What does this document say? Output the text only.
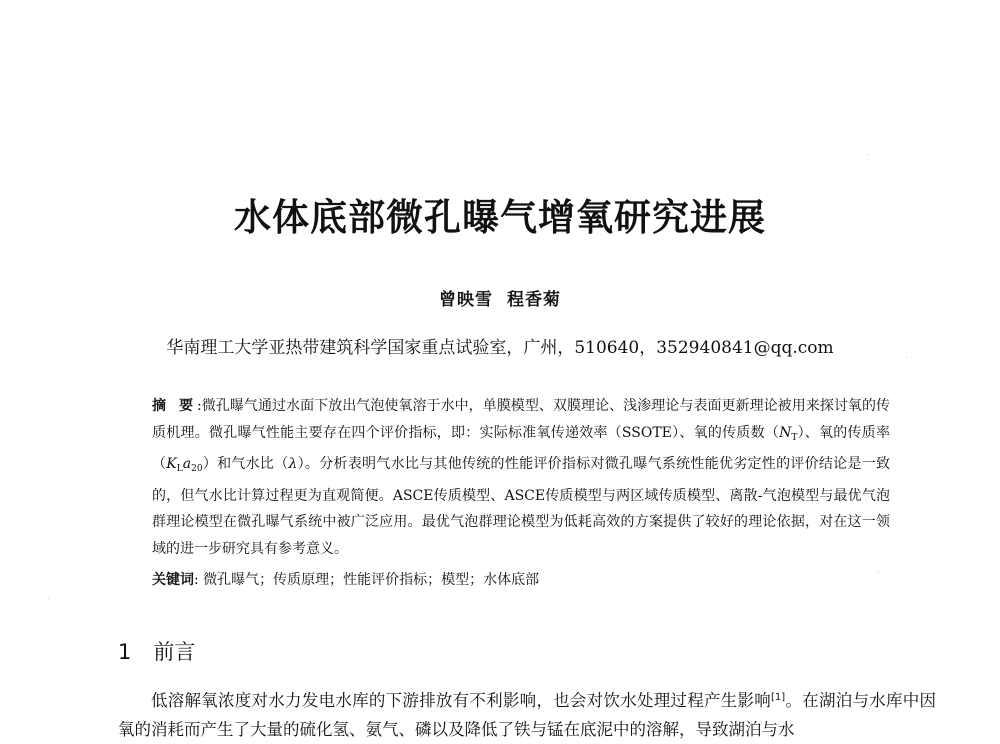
水体底部微孔曝气增氧研究进展
曾映雪 程香菊
华南理工大学亚热带建筑科学国家重点试验室，广州，510640，352940841@qq.com
摘 要:微孔曝气通过水面下放出气泡使氧溶于水中，单膜模型、双膜理论、浅渗理论与表面更新理论被用来探讨氧的传质机理。微孔曝气性能主要存在四个评价指标，即：实际标准氧传递效率（SSOTE）、氧的传质数$(N_T)$、氧的传质率$(K_La_{20})$和气水比（λ）。分析表明气水比与其他传统的性能评价指标对微孔曝气系统性能优劣定性的评价结论是一致的，但气水比计算过程更为直观简便。ASCE传质模型、ASCE传质模型与两区域传质模型、离散-气泡模型与最优气泡群理论模型在微孔曝气系统中被广泛应用。最优气泡群理论模型为低耗高效的方案提供了较好的理论依据，对在这一领域的进一步研究具有参考意义。
关键词: 微孔曝气；传质原理；性能评价指标；模型；水体底部
1 前言
低溶解氧浓度对水力发电水库的下游排放有不利影响，也会对饮水处理过程产生影响[1]。在湖泊与水库中因氧的消耗而产生了大量的硫化氢、氨气、磷以及降低了铁与锰在底泥中的溶解，导致湖泊与水
